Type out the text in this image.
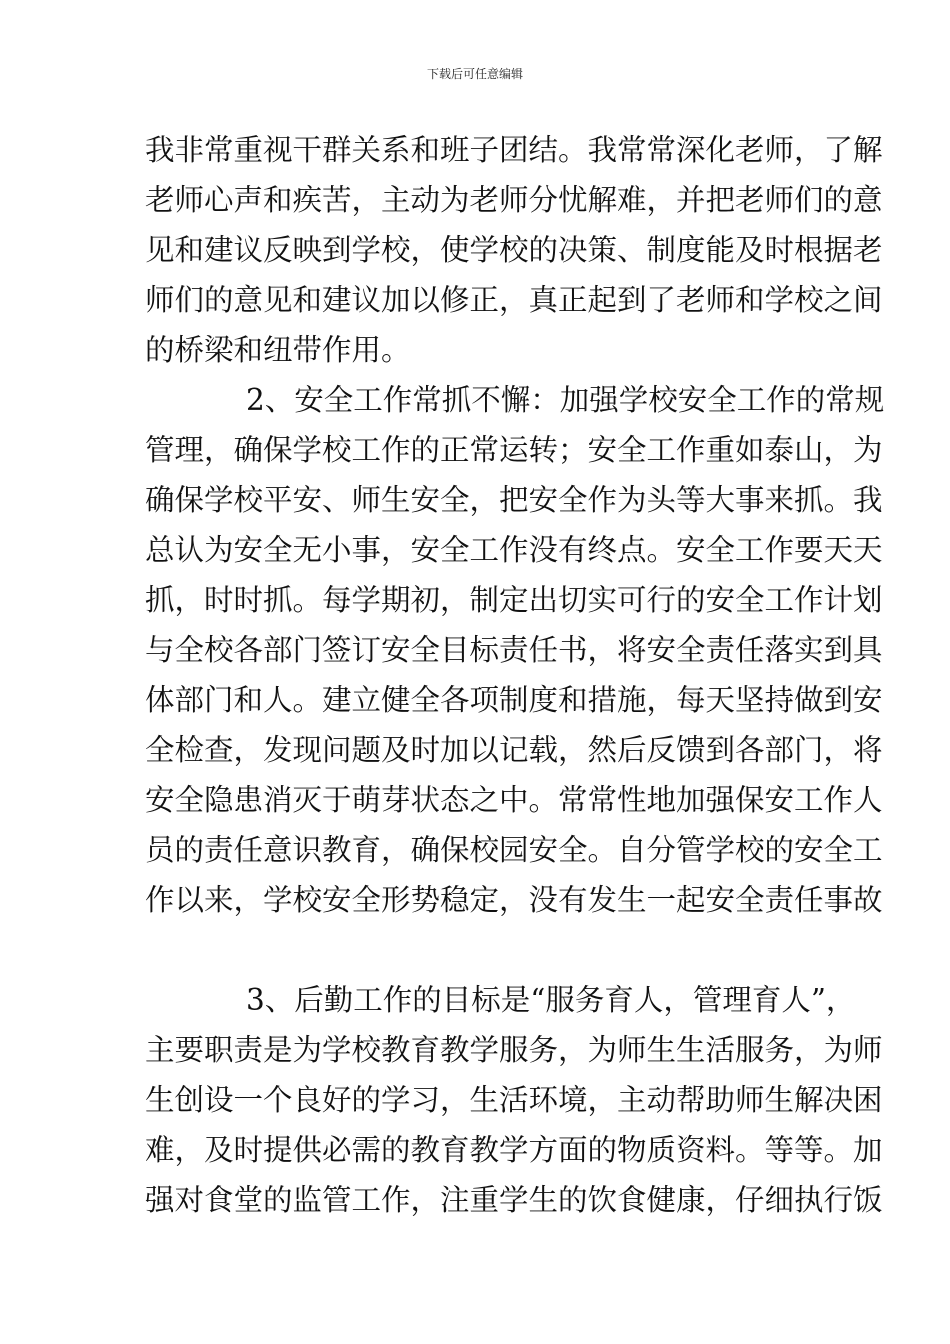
下载后可任意编辑
我非常重视干群关系和班子团结。我常常深化老师，了解
老师心声和疾苦，主动为老师分忧解难，并把老师们的意
见和建议反映到学校，使学校的决策、制度能及时根据老
师们的意见和建议加以修正，真正起到了老师和学校之间
的桥梁和纽带作用。
2、安全工作常抓不懈：加强学校安全工作的常规
管理，确保学校工作的正常运转；安全工作重如泰山，为
确保学校平安、师生安全，把安全作为头等大事来抓。我
总认为安全无小事，安全工作没有终点。安全工作要天天
抓，时时抓。每学期初，制定出切实可行的安全工作计划
与全校各部门签订安全目标责任书，将安全责任落实到具
体部门和人。建立健全各项制度和措施，每天坚持做到安
全检查，发现问题及时加以记载，然后反馈到各部门，将
安全隐患消灭于萌芽状态之中。常常性地加强保安工作人
员的责任意识教育，确保校园安全。自分管学校的安全工
作以来，学校安全形势稳定，没有发生一起安全责任事故
3、后勤工作的目标是“服务育人，管理育人”，
主要职责是为学校教育教学服务，为师生生活服务，为师
生创设一个良好的学习，生活环境，主动帮助师生解决困
难，及时提供必需的教育教学方面的物质资料。等等。加
强对食堂的监管工作，注重学生的饮食健康，仔细执行饭
